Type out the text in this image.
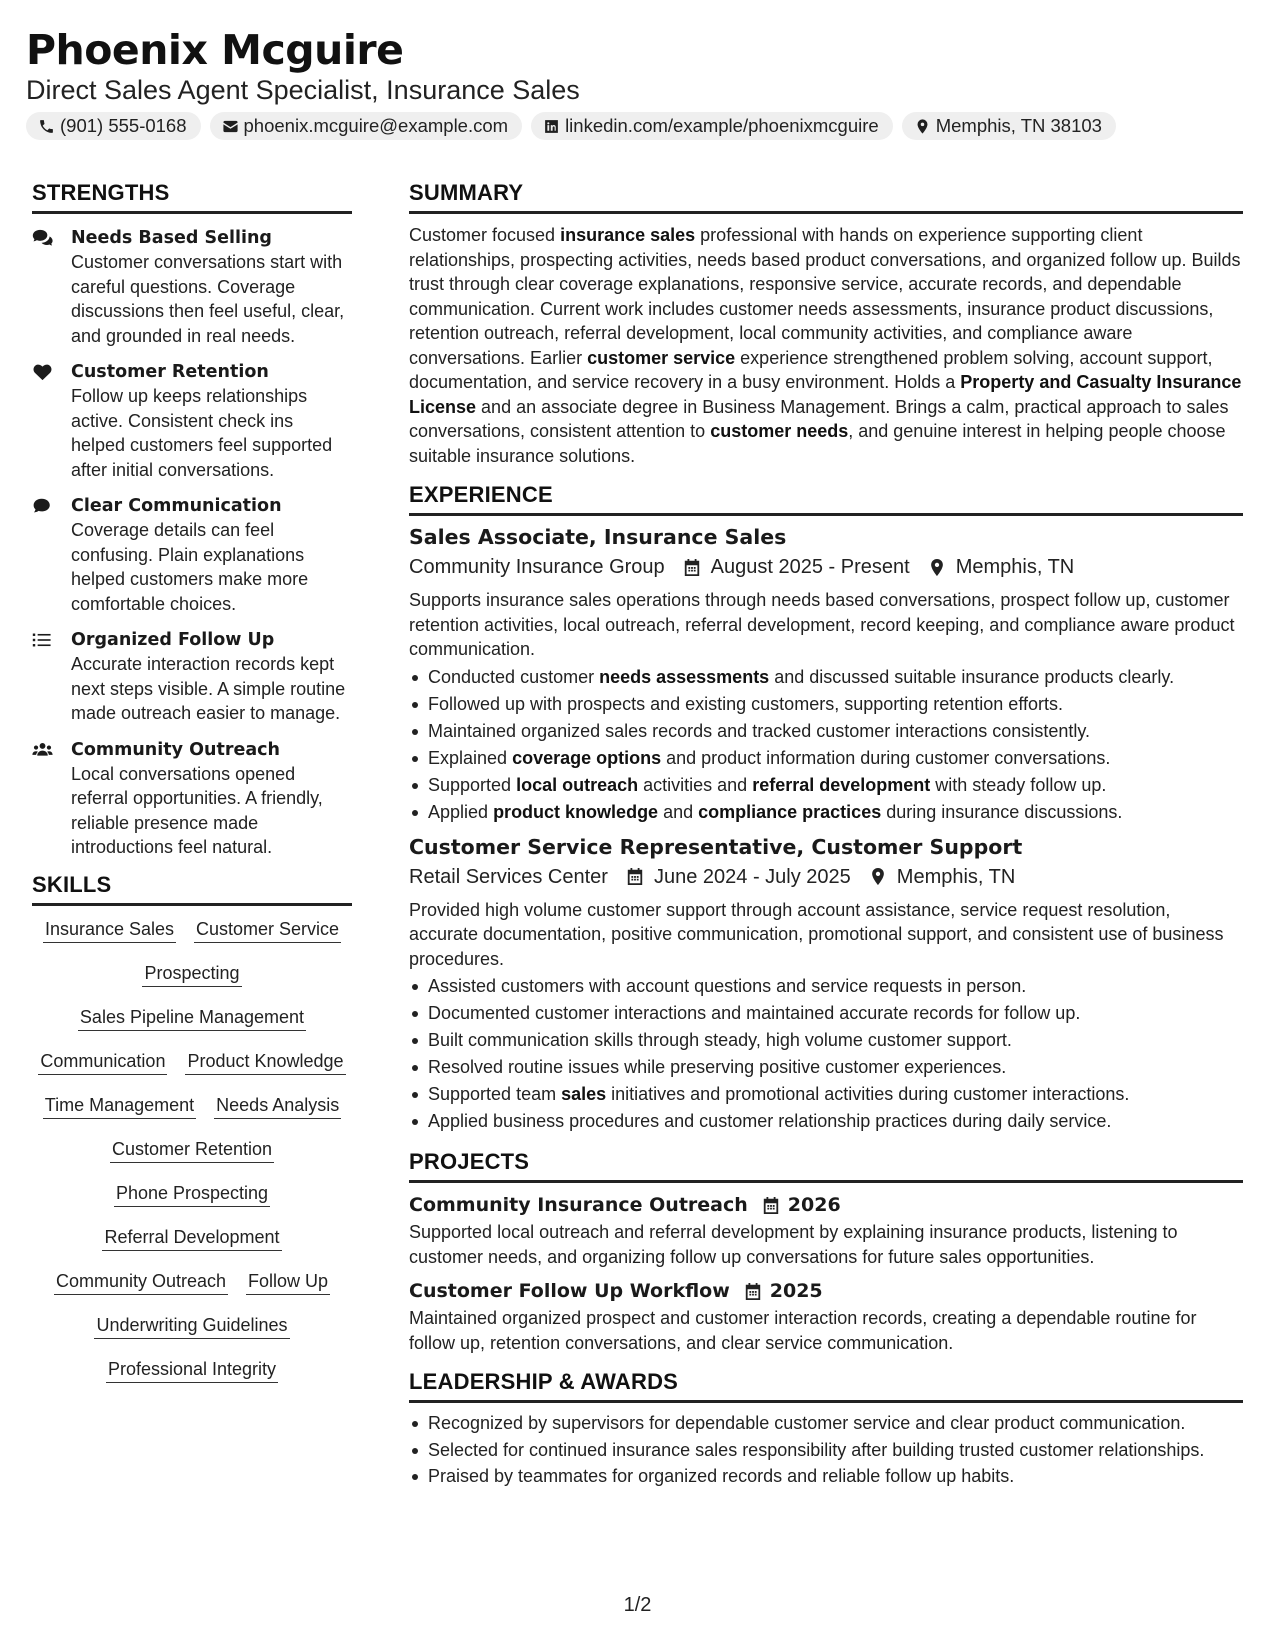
Phoenix Mcguire
Direct Sales Agent Specialist, Insurance Sales
(901) 555-0168	phoenix.mcguire@example.com	linkedin.com/example/phoenixmcguire	Memphis, TN 38103
STRENGTHS
Needs Based Selling
Customer conversations start with careful questions. Coverage discussions then feel useful, clear, and grounded in real needs.
Customer Retention
Follow up keeps relationships active. Consistent check ins helped customers feel supported after initial conversations.
Clear Communication
Coverage details can feel confusing. Plain explanations helped customers make more comfortable choices.
Organized Follow Up
Accurate interaction records kept next steps visible. A simple routine made outreach easier to manage.
Community Outreach
Local conversations opened referral opportunities. A friendly, reliable presence made introductions feel natural.
SKILLS
Insurance Sales Customer Service
Prospecting
Sales Pipeline Management
Communication Product Knowledge
Time Management Needs Analysis
Customer Retention
Phone Prospecting
Referral Development
Community Outreach Follow Up
Underwriting Guidelines
Professional Integrity
SUMMARY
Customer focused insurance sales professional with hands on experience supporting client relationships, prospecting activities, needs based product conversations, and organized follow up. Builds trust through clear coverage explanations, responsive service, accurate records, and dependable communication. Current work includes customer needs assessments, insurance product discussions, retention outreach, referral development, local community activities, and compliance aware conversations. Earlier customer service experience strengthened problem solving, account support, documentation, and service recovery in a busy environment. Holds a Property and Casualty Insurance License and an associate degree in Business Management. Brings a calm, practical approach to sales conversations, consistent attention to customer needs, and genuine interest in helping people choose suitable insurance solutions.
EXPERIENCE
Sales Associate, Insurance Sales
Community Insurance Group August 2025 - Present Memphis, TN
Supports insurance sales operations through needs based conversations, prospect follow up, customer retention activities, local outreach, referral development, record keeping, and compliance aware product communication.
Conducted customer needs assessments and discussed suitable insurance products clearly.
Followed up with prospects and existing customers, supporting retention efforts.
Maintained organized sales records and tracked customer interactions consistently.
Explained coverage options and product information during customer conversations.
Supported local outreach activities and referral development with steady follow up.
Applied product knowledge and compliance practices during insurance discussions.
Customer Service Representative, Customer Support
Retail Services Center June 2024 - July 2025 Memphis, TN
Provided high volume customer support through account assistance, service request resolution, accurate documentation, positive communication, promotional support, and consistent use of business procedures.
Assisted customers with account questions and service requests in person.
Documented customer interactions and maintained accurate records for follow up.
Built communication skills through steady, high volume customer support.
Resolved routine issues while preserving positive customer experiences.
Supported team sales initiatives and promotional activities during customer interactions.
Applied business procedures and customer relationship practices during daily service.
PROJECTS
Community Insurance Outreach 2026
Supported local outreach and referral development by explaining insurance products, listening to customer needs, and organizing follow up conversations for future sales opportunities.
Customer Follow Up Workflow 2025
Maintained organized prospect and customer interaction records, creating a dependable routine for follow up, retention conversations, and clear service communication.
LEADERSHIP & AWARDS
Recognized by supervisors for dependable customer service and clear product communication.
Selected for continued insurance sales responsibility after building trusted customer relationships.
Praised by teammates for organized records and reliable follow up habits.
1/2
